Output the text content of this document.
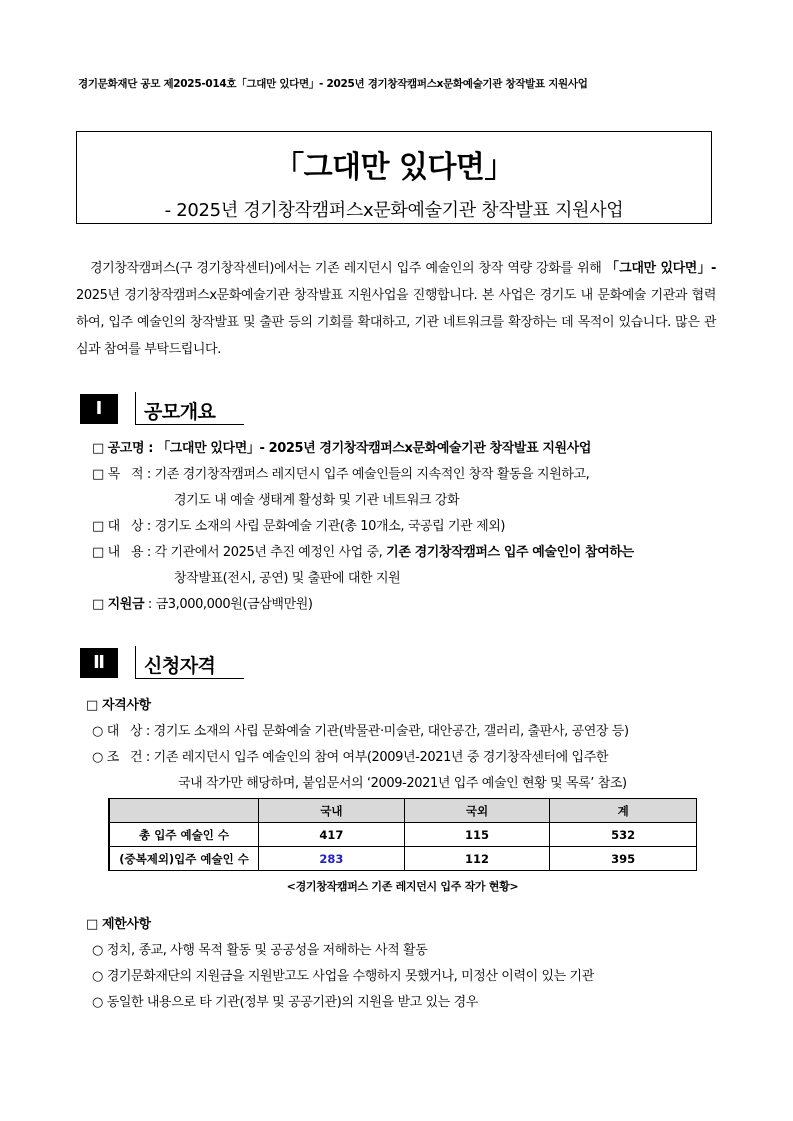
경기문화재단 공모 제2025-014호「그대만 있다면」- 2025년 경기창작캠퍼스x문화예술기관 창작발표 지원사업
「그대만 있다면」
- 2025년 경기창작캠퍼스x문화예술기관 창작발표 지원사업
경기창작캠퍼스(구 경기창작센터)에서는 기존 레지던시 입주 예술인의 창작 역량 강화를 위해 「그대만 있다면」- 2025년 경기창작캠퍼스x문화예술기관 창작발표 지원사업을 진행합니다. 본 사업은 경기도 내 문화예술 기관과 협력하여, 입주 예술인의 창작발표 및 출판 등의 기회를 확대하고, 기관 네트워크를 확장하는 데 목적이 있습니다. 많은 관심과 참여를 부탁드립니다.
Ⅰ	공모개요
□ 공고명 : 「그대만 있다면」- 2025년 경기창작캠퍼스x문화예술기관 창작발표 지원사업
□ 목   적 : 기존 경기창작캠퍼스 레지던시 입주 예술인들의 지속적인 창작 활동을 지원하고,
경기도 내 예술 생태계 활성화 및 기관 네트워크 강화
□ 대   상 : 경기도 소재의 사립 문화예술 기관(총 10개소, 국공립 기관 제외)
□ 내   용 : 각 기관에서 2025년 추진 예정인 사업 중, 기존 경기창작캠퍼스 입주 예술인이 참여하는
창작발표(전시, 공연) 및 출판에 대한 지원
□ 지원금 : 금3,000,000원(금삼백만원)
Ⅱ	신청자격
□ 자격사항
○ 대   상 : 경기도 소재의 사립 문화예술 기관(박물관·미술관, 대안공간, 갤러리, 출판사, 공연장 등)
○ 조   건 : 기존 레지던시 입주 예술인의 참여 여부(2009년-2021년 중 경기창작센터에 입주한
국내 작가만 해당하며, 붙임문서의 ‘2009-2021년 입주 예술인 현황 및 목록’ 참조)
	국내	국외	계
총 입주 예술인 수	417	115	532
(중복제외)입주 예술인 수	283	112	395
<경기창작캠퍼스 기존 레지던시 입주 작가 현황>
□ 제한사항
○ 정치, 종교, 사행 목적 활동 및 공공성을 저해하는 사적 활동
○ 경기문화재단의 지원금을 지원받고도 사업을 수행하지 못했거나, 미정산 이력이 있는 기관
○ 동일한 내용으로 타 기관(정부 및 공공기관)의 지원을 받고 있는 경우
